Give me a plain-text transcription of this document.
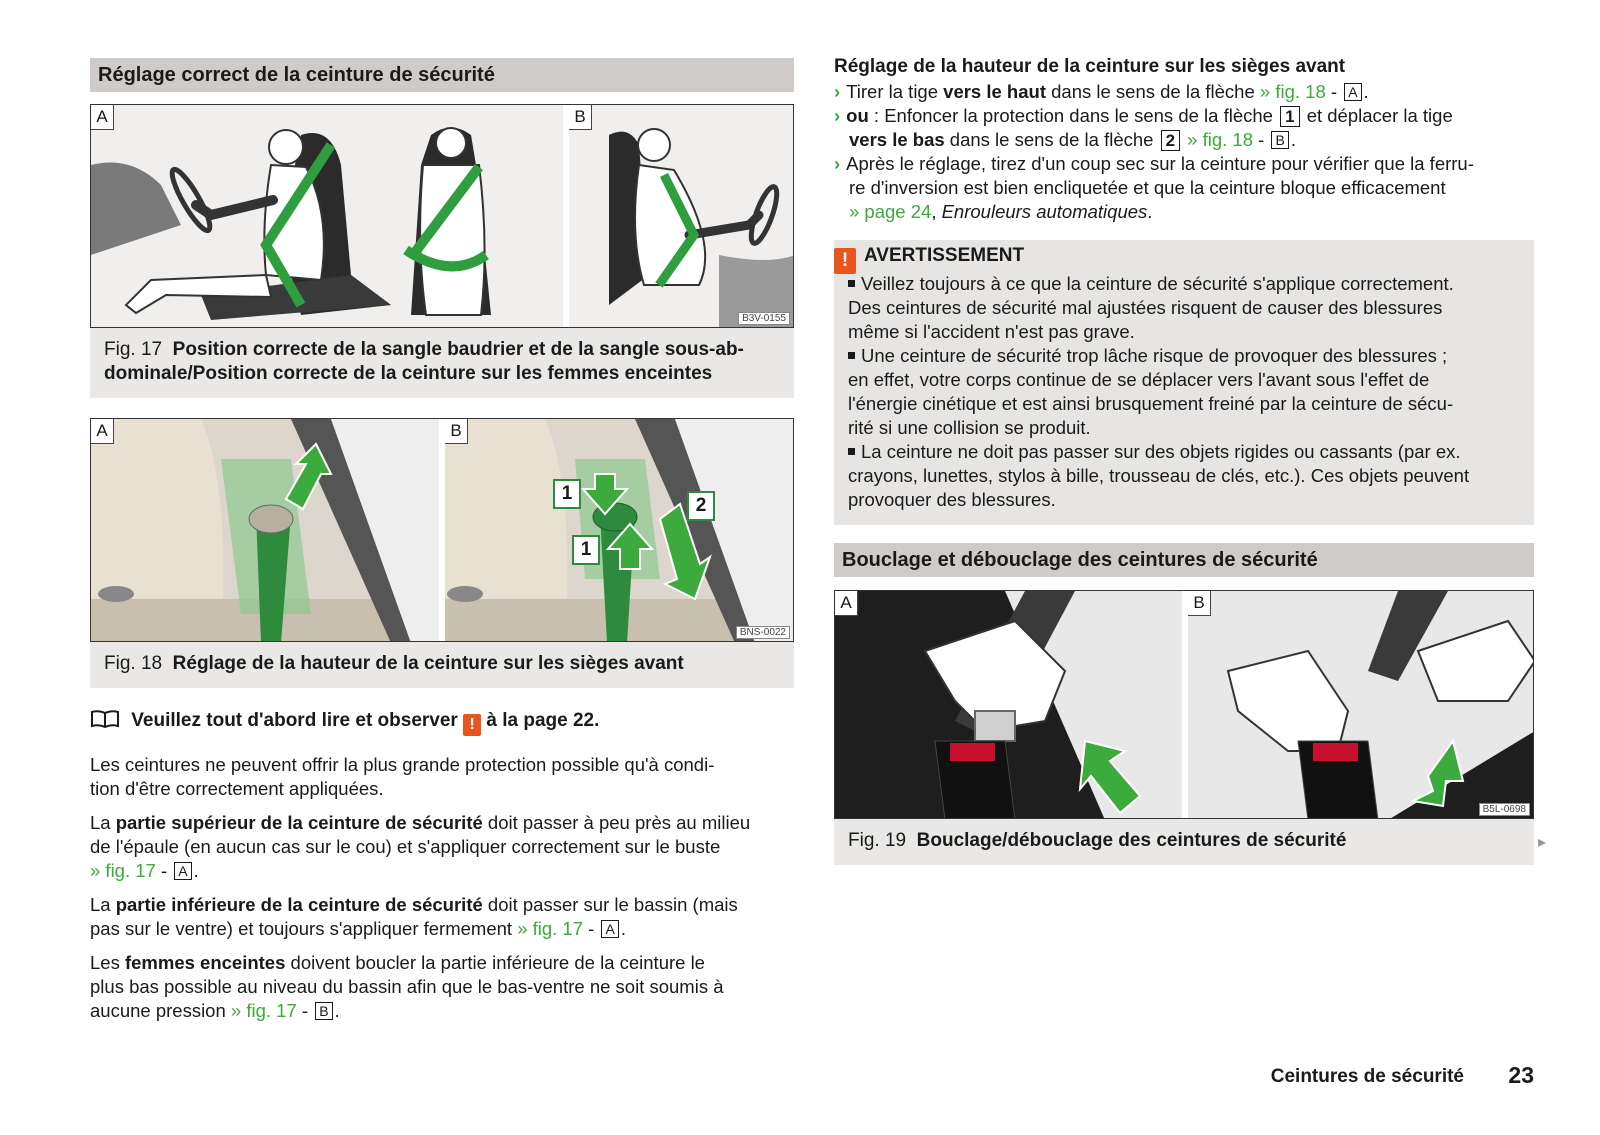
Réglage correct de la ceinture de sécurité
A	B
B3V-0155
Fig. 17 Position correcte de la sangle baudrier et de la sangle sous-ab-
dominale/Position correcte de la ceinture sur les femmes enceintes
A	B
1
1
2
BNS-0022
Fig. 18 Réglage de la hauteur de la ceinture sur les sièges avant
Veuillez tout d'abord lire et observer ! à la page 22.

Les ceintures ne peuvent offrir la plus grande protection possible qu'à condi-

tion d'être correctement appliquées.

La partie supérieur de la ceinture de sécurité doit passer à peu près au milieu

de l'épaule (en aucun cas sur le cou) et s'appliquer correctement sur le buste

» fig. 17 - A .

La partie inférieure de la ceinture de sécurité doit passer sur le bassin (mais

pas sur le ventre) et toujours s'appliquer fermement » fig. 17 - A .

Les femmes enceintes doivent boucler la partie inférieure de la ceinture le

plus bas possible au niveau du bassin afin que le bas-ventre ne soit soumis à

aucune pression » fig. 17 - B .

Réglage de la hauteur de la ceinture sur les sièges avant

› Tirer la tige vers le haut dans le sens de la flèche » fig. 18 - A .

› ou : Enfoncer la protection dans le sens de la flèche 1 et déplacer la tige

vers le bas dans le sens de la flèche 2 » fig. 18 - B .

› Après le réglage, tirez d'un coup sec sur la ceinture pour vérifier que la ferru-

re d'inversion est bien encliquetée et que la ceinture bloque efficacement

» page 24, Enrouleurs automatiques.

! AVERTISSEMENT

Veillez toujours à ce que la ceinture de sécurité s'applique correctement.

Des ceintures de sécurité mal ajustées risquent de causer des blessures

même si l'accident n'est pas grave.

Une ceinture de sécurité trop lâche risque de provoquer des blessures ;

en effet, votre corps continue de se déplacer vers l'avant sous l'effet de

l'énergie cinétique et est ainsi brusquement freiné par la ceinture de sécu-

rité si une collision se produit.

La ceinture ne doit pas passer sur des objets rigides ou cassants (par ex.

crayons, lunettes, stylos à bille, trousseau de clés, etc.). Ces objets peuvent

provoquer des blessures.

Bouclage et débouclage des ceintures de sécurité
A	B
B5L-0698
Fig. 19 Bouclage/débouclage des ceintures de sécurité	▸
Ceintures de sécurité	23
